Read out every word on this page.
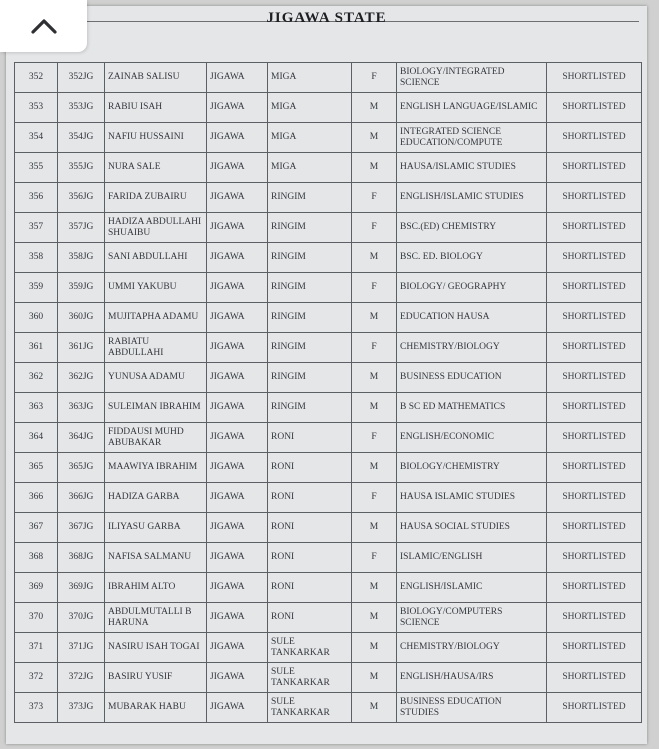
JIGAWA STATE
352	352JG	ZAINAB SALISU	JIGAWA	MIGA	F	BIOLOGY/INTEGRATED SCIENCE	SHORTLISTED
353	353JG	RABIU ISAH	JIGAWA	MIGA	M	ENGLISH LANGUAGE/ISLAMIC	SHORTLISTED
354	354JG	NAFIU HUSSAINI	JIGAWA	MIGA	M	INTEGRATED SCIENCE EDUCATION/COMPUTE	SHORTLISTED
355	355JG	NURA SALE	JIGAWA	MIGA	M	HAUSA/ISLAMIC STUDIES	SHORTLISTED
356	356JG	FARIDA ZUBAIRU	JIGAWA	RINGIM	F	ENGLISH/ISLAMIC STUDIES	SHORTLISTED
357	357JG	HADIZA ABDULLAHI SHUAIBU	JIGAWA	RINGIM	F	BSC.(ED) CHEMISTRY	SHORTLISTED
358	358JG	SANI ABDULLAHI	JIGAWA	RINGIM	M	BSC. ED. BIOLOGY	SHORTLISTED
359	359JG	UMMI YAKUBU	JIGAWA	RINGIM	F	BIOLOGY/ GEOGRAPHY	SHORTLISTED
360	360JG	MUJITAPHA ADAMU	JIGAWA	RINGIM	M	EDUCATION HAUSA	SHORTLISTED
361	361JG	RABIATU ABDULLAHI	JIGAWA	RINGIM	F	CHEMISTRY/BIOLOGY	SHORTLISTED
362	362JG	YUNUSA ADAMU	JIGAWA	RINGIM	M	BUSINESS EDUCATION	SHORTLISTED
363	363JG	SULEIMAN IBRAHIM	JIGAWA	RINGIM	M	B SC ED MATHEMATICS	SHORTLISTED
364	364JG	FIDDAUSI MUHD ABUBAKAR	JIGAWA	RONI	F	ENGLISH/ECONOMIC	SHORTLISTED
365	365JG	MAAWIYA IBRAHIM	JIGAWA	RONI	M	BIOLOGY/CHEMISTRY	SHORTLISTED
366	366JG	HADIZA GARBA	JIGAWA	RONI	F	HAUSA ISLAMIC STUDIES	SHORTLISTED
367	367JG	ILIYASU GARBA	JIGAWA	RONI	M	HAUSA SOCIAL STUDIES	SHORTLISTED
368	368JG	NAFISA SALMANU	JIGAWA	RONI	F	ISLAMIC/ENGLISH	SHORTLISTED
369	369JG	IBRAHIM ALTO	JIGAWA	RONI	M	ENGLISH/ISLAMIC	SHORTLISTED
370	370JG	ABDULMUTALLI B HARUNA	JIGAWA	RONI	M	BIOLOGY/COMPUTERS SCIENCE	SHORTLISTED
371	371JG	NASIRU ISAH TOGAI	JIGAWA	SULE TANKARKAR	M	CHEMISTRY/BIOLOGY	SHORTLISTED
372	372JG	BASIRU YUSIF	JIGAWA	SULE TANKARKAR	M	ENGLISH/HAUSA/IRS	SHORTLISTED
373	373JG	MUBARAK HABU	JIGAWA	SULE TANKARKAR	M	BUSINESS EDUCATION STUDIES	SHORTLISTED
